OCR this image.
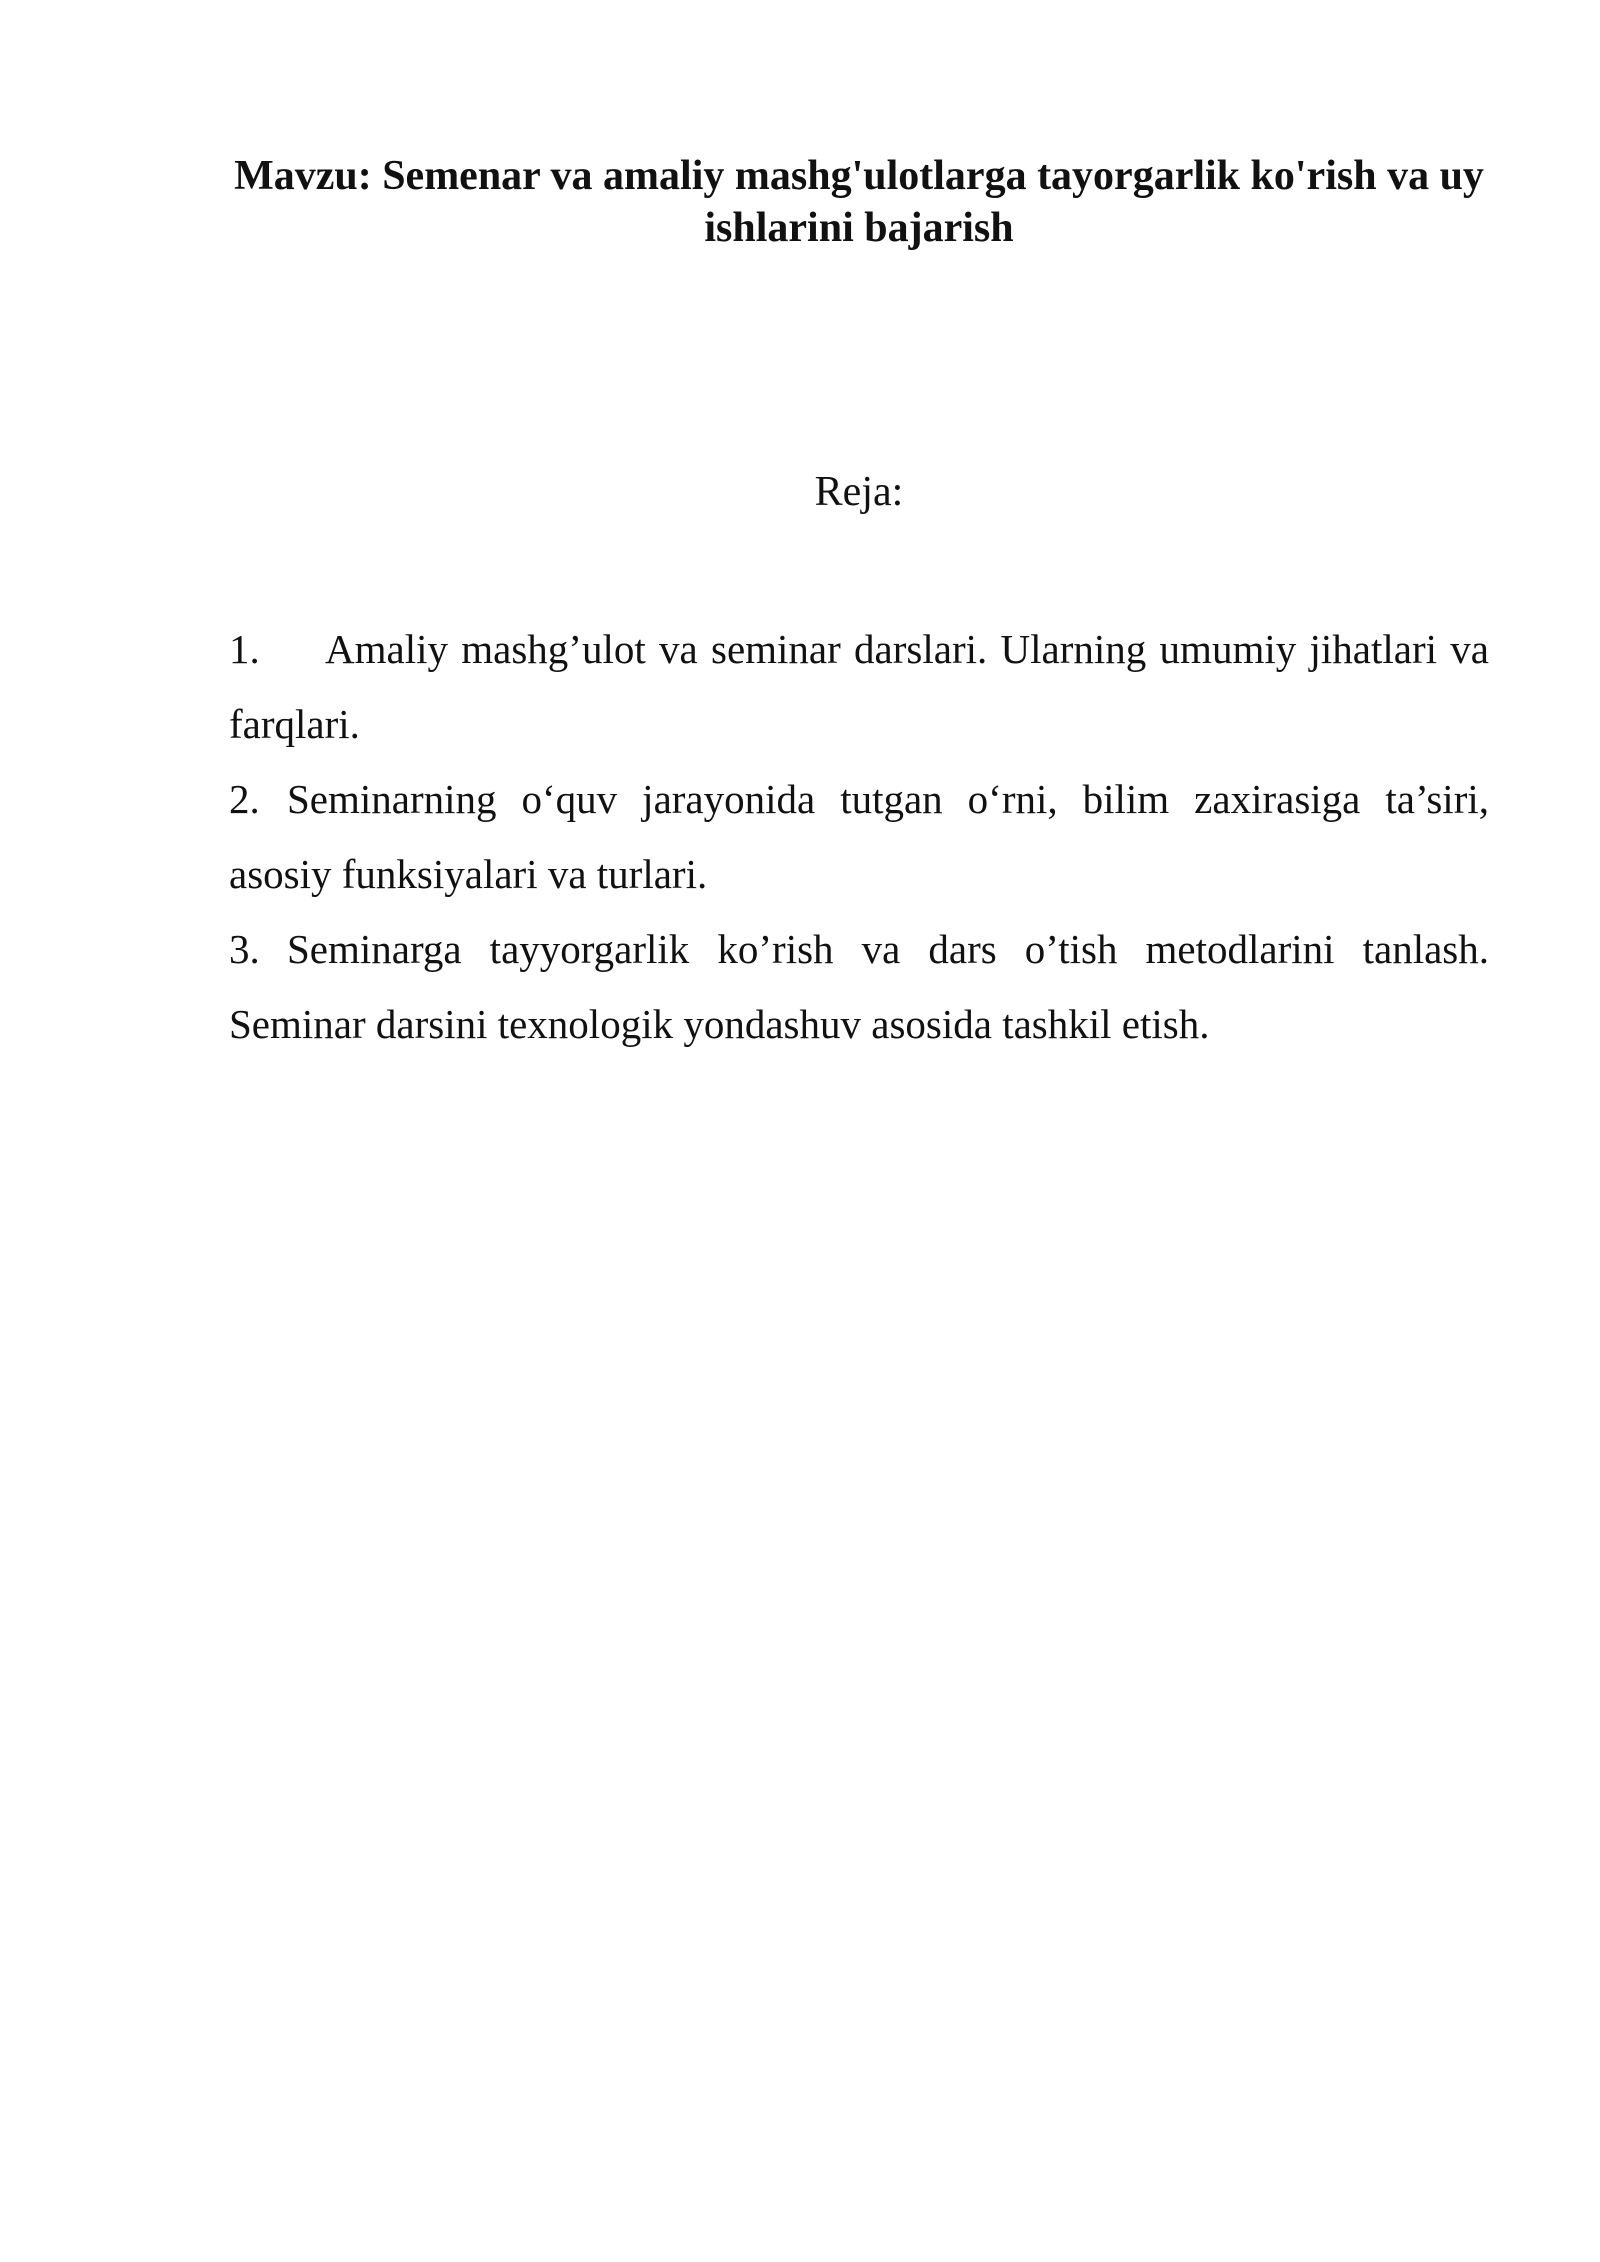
Mavzu: Semenar va amaliy mashg'ulotlarga tayorgarlik ko'rish va uy ishlarini bajarish

Reja:

1. Amaliy mashg’ulot va seminar darslari. Ularning umumiy jihatlari va farqlari.
2. Seminarning o‘quv jarayonida tutgan o‘rni, bilim zaxirasiga ta’siri, asosiy funksiyalari va turlari.
3. Seminarga tayyorgarlik ko’rish va dars o’tish metodlarini tanlash. Seminar darsini texnologik yondashuv asosida tashkil etish.
